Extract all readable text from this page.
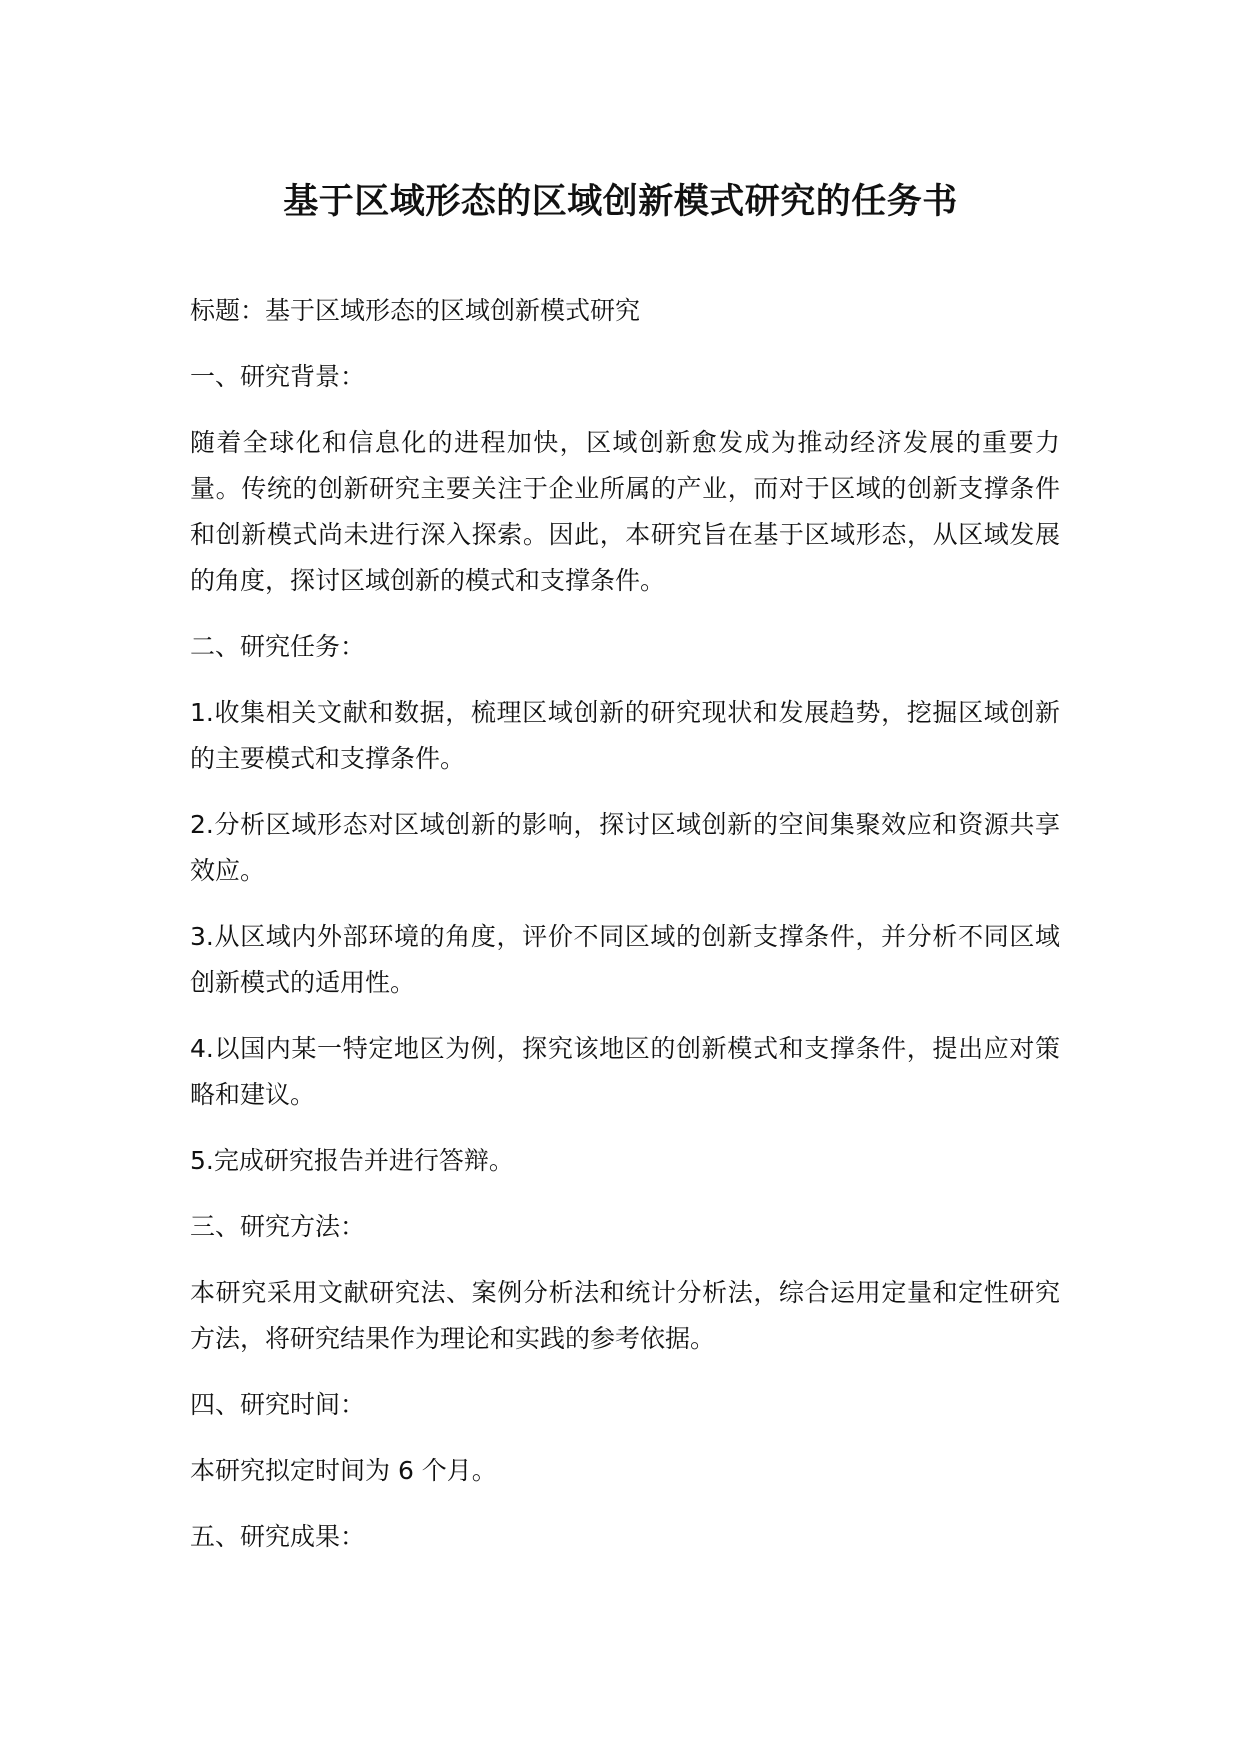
基于区域形态的区域创新模式研究的任务书

标题：基于区域形态的区域创新模式研究

一、研究背景：

随着全球化和信息化的进程加快，区域创新愈发成为推动经济发展的重要力量。传统的创新研究主要关注于企业所属的产业，而对于区域的创新支撑条件和创新模式尚未进行深入探索。因此，本研究旨在基于区域形态，从区域发展的角度，探讨区域创新的模式和支撑条件。

二、研究任务：

1.收集相关文献和数据，梳理区域创新的研究现状和发展趋势，挖掘区域创新的主要模式和支撑条件。

2.分析区域形态对区域创新的影响，探讨区域创新的空间集聚效应和资源共享效应。

3.从区域内外部环境的角度，评价不同区域的创新支撑条件，并分析不同区域创新模式的适用性。

4.以国内某一特定地区为例，探究该地区的创新模式和支撑条件，提出应对策略和建议。

5.完成研究报告并进行答辩。

三、研究方法：

本研究采用文献研究法、案例分析法和统计分析法，综合运用定量和定性研究方法，将研究结果作为理论和实践的参考依据。

四、研究时间：

本研究拟定时间为 6 个月。

五、研究成果：
